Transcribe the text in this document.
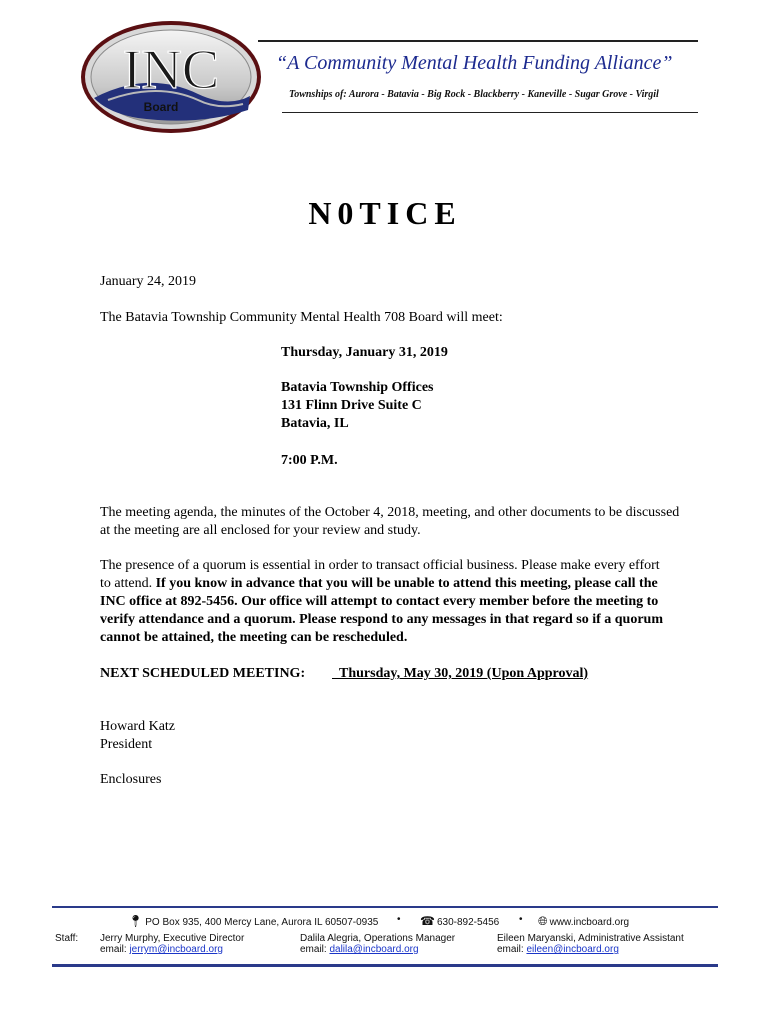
INC
Board
“A Community Mental Health Funding Alliance”
Townships of: Aurora - Batavia - Big Rock - Blackberry - Kaneville - Sugar Grove - Virgil
N0TICE
January 24, 2019
The Batavia Township Community Mental Health 708 Board will meet:
Thursday, January 31, 2019
Batavia Township Offices
131 Flinn Drive Suite C
Batavia, IL
7:00 P.M.
The meeting agenda, the minutes of the October 4, 2018, meeting, and other documents to be discussed
at the meeting are all enclosed for your review and study.
The presence of a quorum is essential in order to transact official business. Please make every effort
to attend. If you know in advance that you will be unable to attend this meeting, please call the
INC office at 892-5456. Our office will attempt to contact every member before the meeting to
verify attendance and a quorum. Please respond to any messages in that regard so if a quorum
cannot be attained, the meeting can be rescheduled.
NEXT SCHEDULED MEETING:	Thursday, May 30, 2019 (Upon Approval)
Howard Katz
President
Enclosures
📍︎ PO Box 935, 400 Mercy Lane, Aurora IL 60507-0935 • ☎ 630-892-5456 • 🌐︎ www.incboard.org
Staff: Jerry Murphy, Executive Director
email: jerrym@incboard.org
Dalila Alegria, Operations Manager
email: dalila@incboard.org
Eileen Maryanski, Administrative Assistant
email: eileen@incboard.org
